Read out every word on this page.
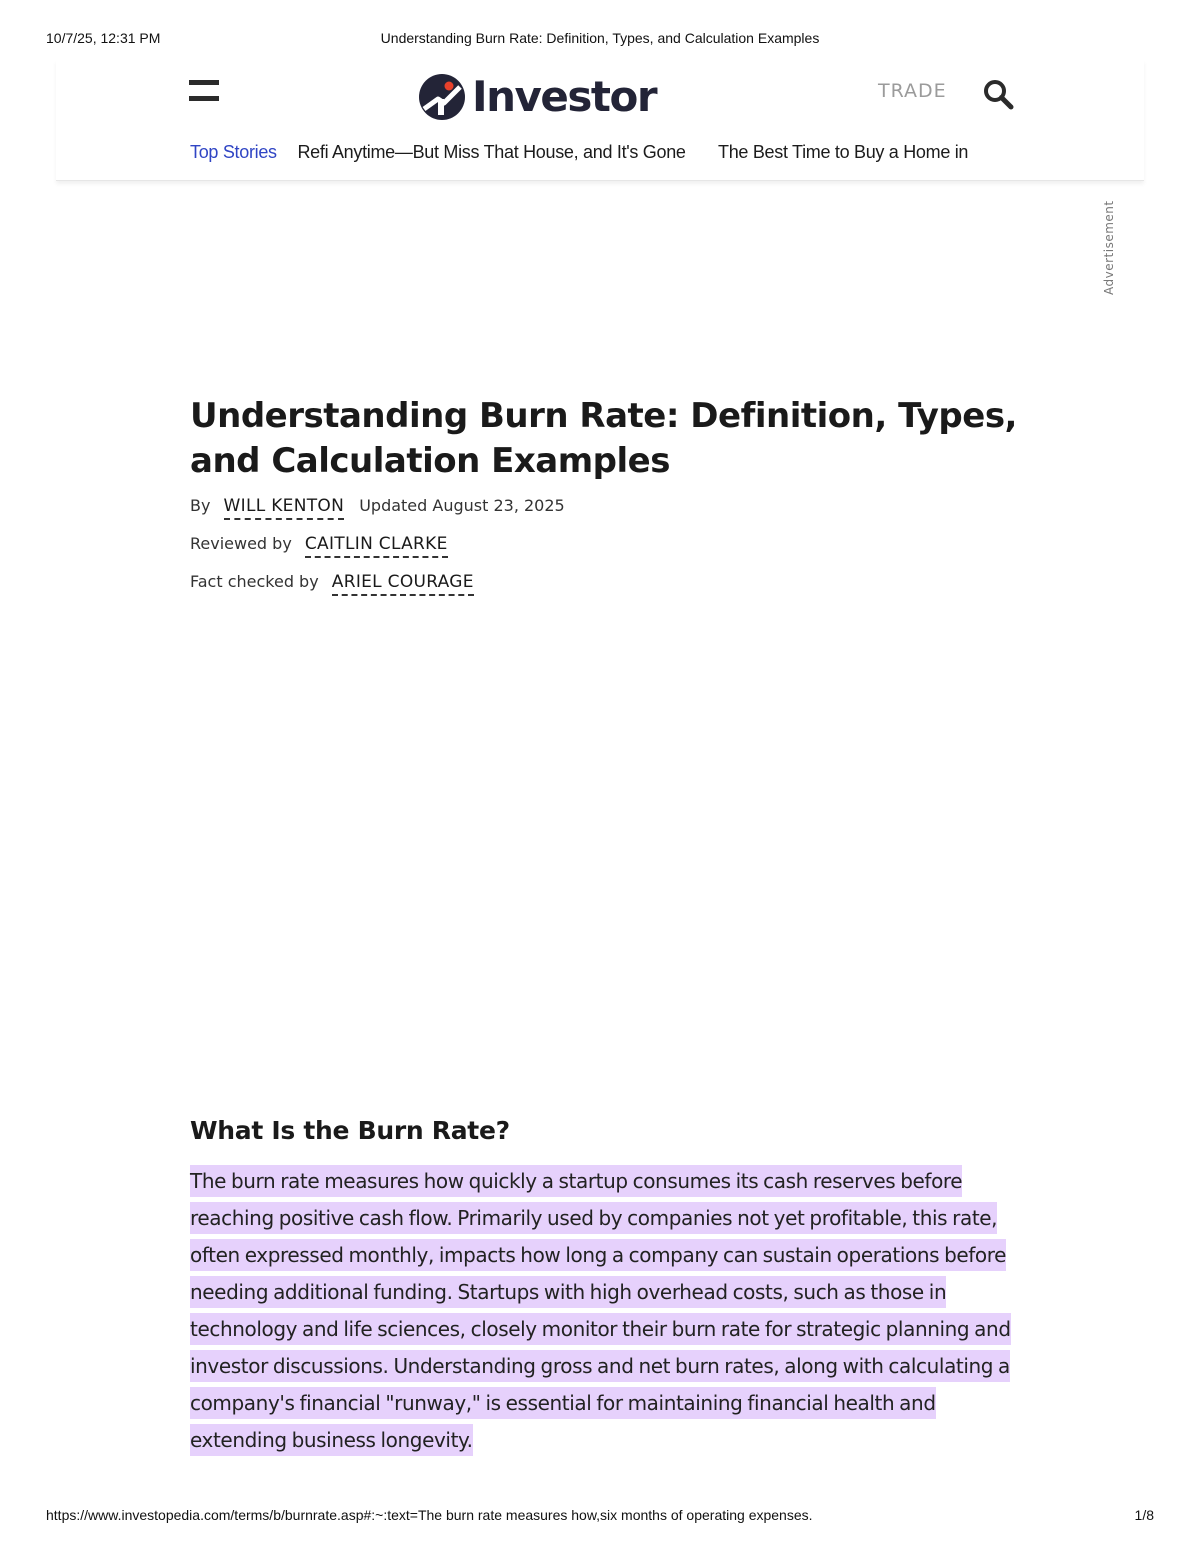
10/7/25, 12:31 PM	Understanding Burn Rate: Definition, Types, and Calculation Examples
Investor	TRADE
Top Stories Refi Anytime—But Miss That House, and It's Gone The Best Time to Buy a Home in
Advertisement
Understanding Burn Rate: Definition, Types, and Calculation Examples
By WILL KENTON Updated August 23, 2025
Reviewed by CAITLIN CLARKE
Fact checked by ARIEL COURAGE
What Is the Burn Rate?

The burn rate measures how quickly a startup consumes its cash reserves before reaching positive cash flow. Primarily used by companies not yet profitable, this rate, often expressed monthly, impacts how long a company can sustain operations before needing additional funding. Startups with high overhead costs, such as those in technology and life sciences, closely monitor their burn rate for strategic planning and investor discussions. Understanding gross and net burn rates, along with calculating a company's financial "runway," is essential for maintaining financial health and extending business longevity.

https://www.investopedia.com/terms/b/burnrate.asp#:~:text=The burn rate measures how,six months of operating expenses.	1/8
